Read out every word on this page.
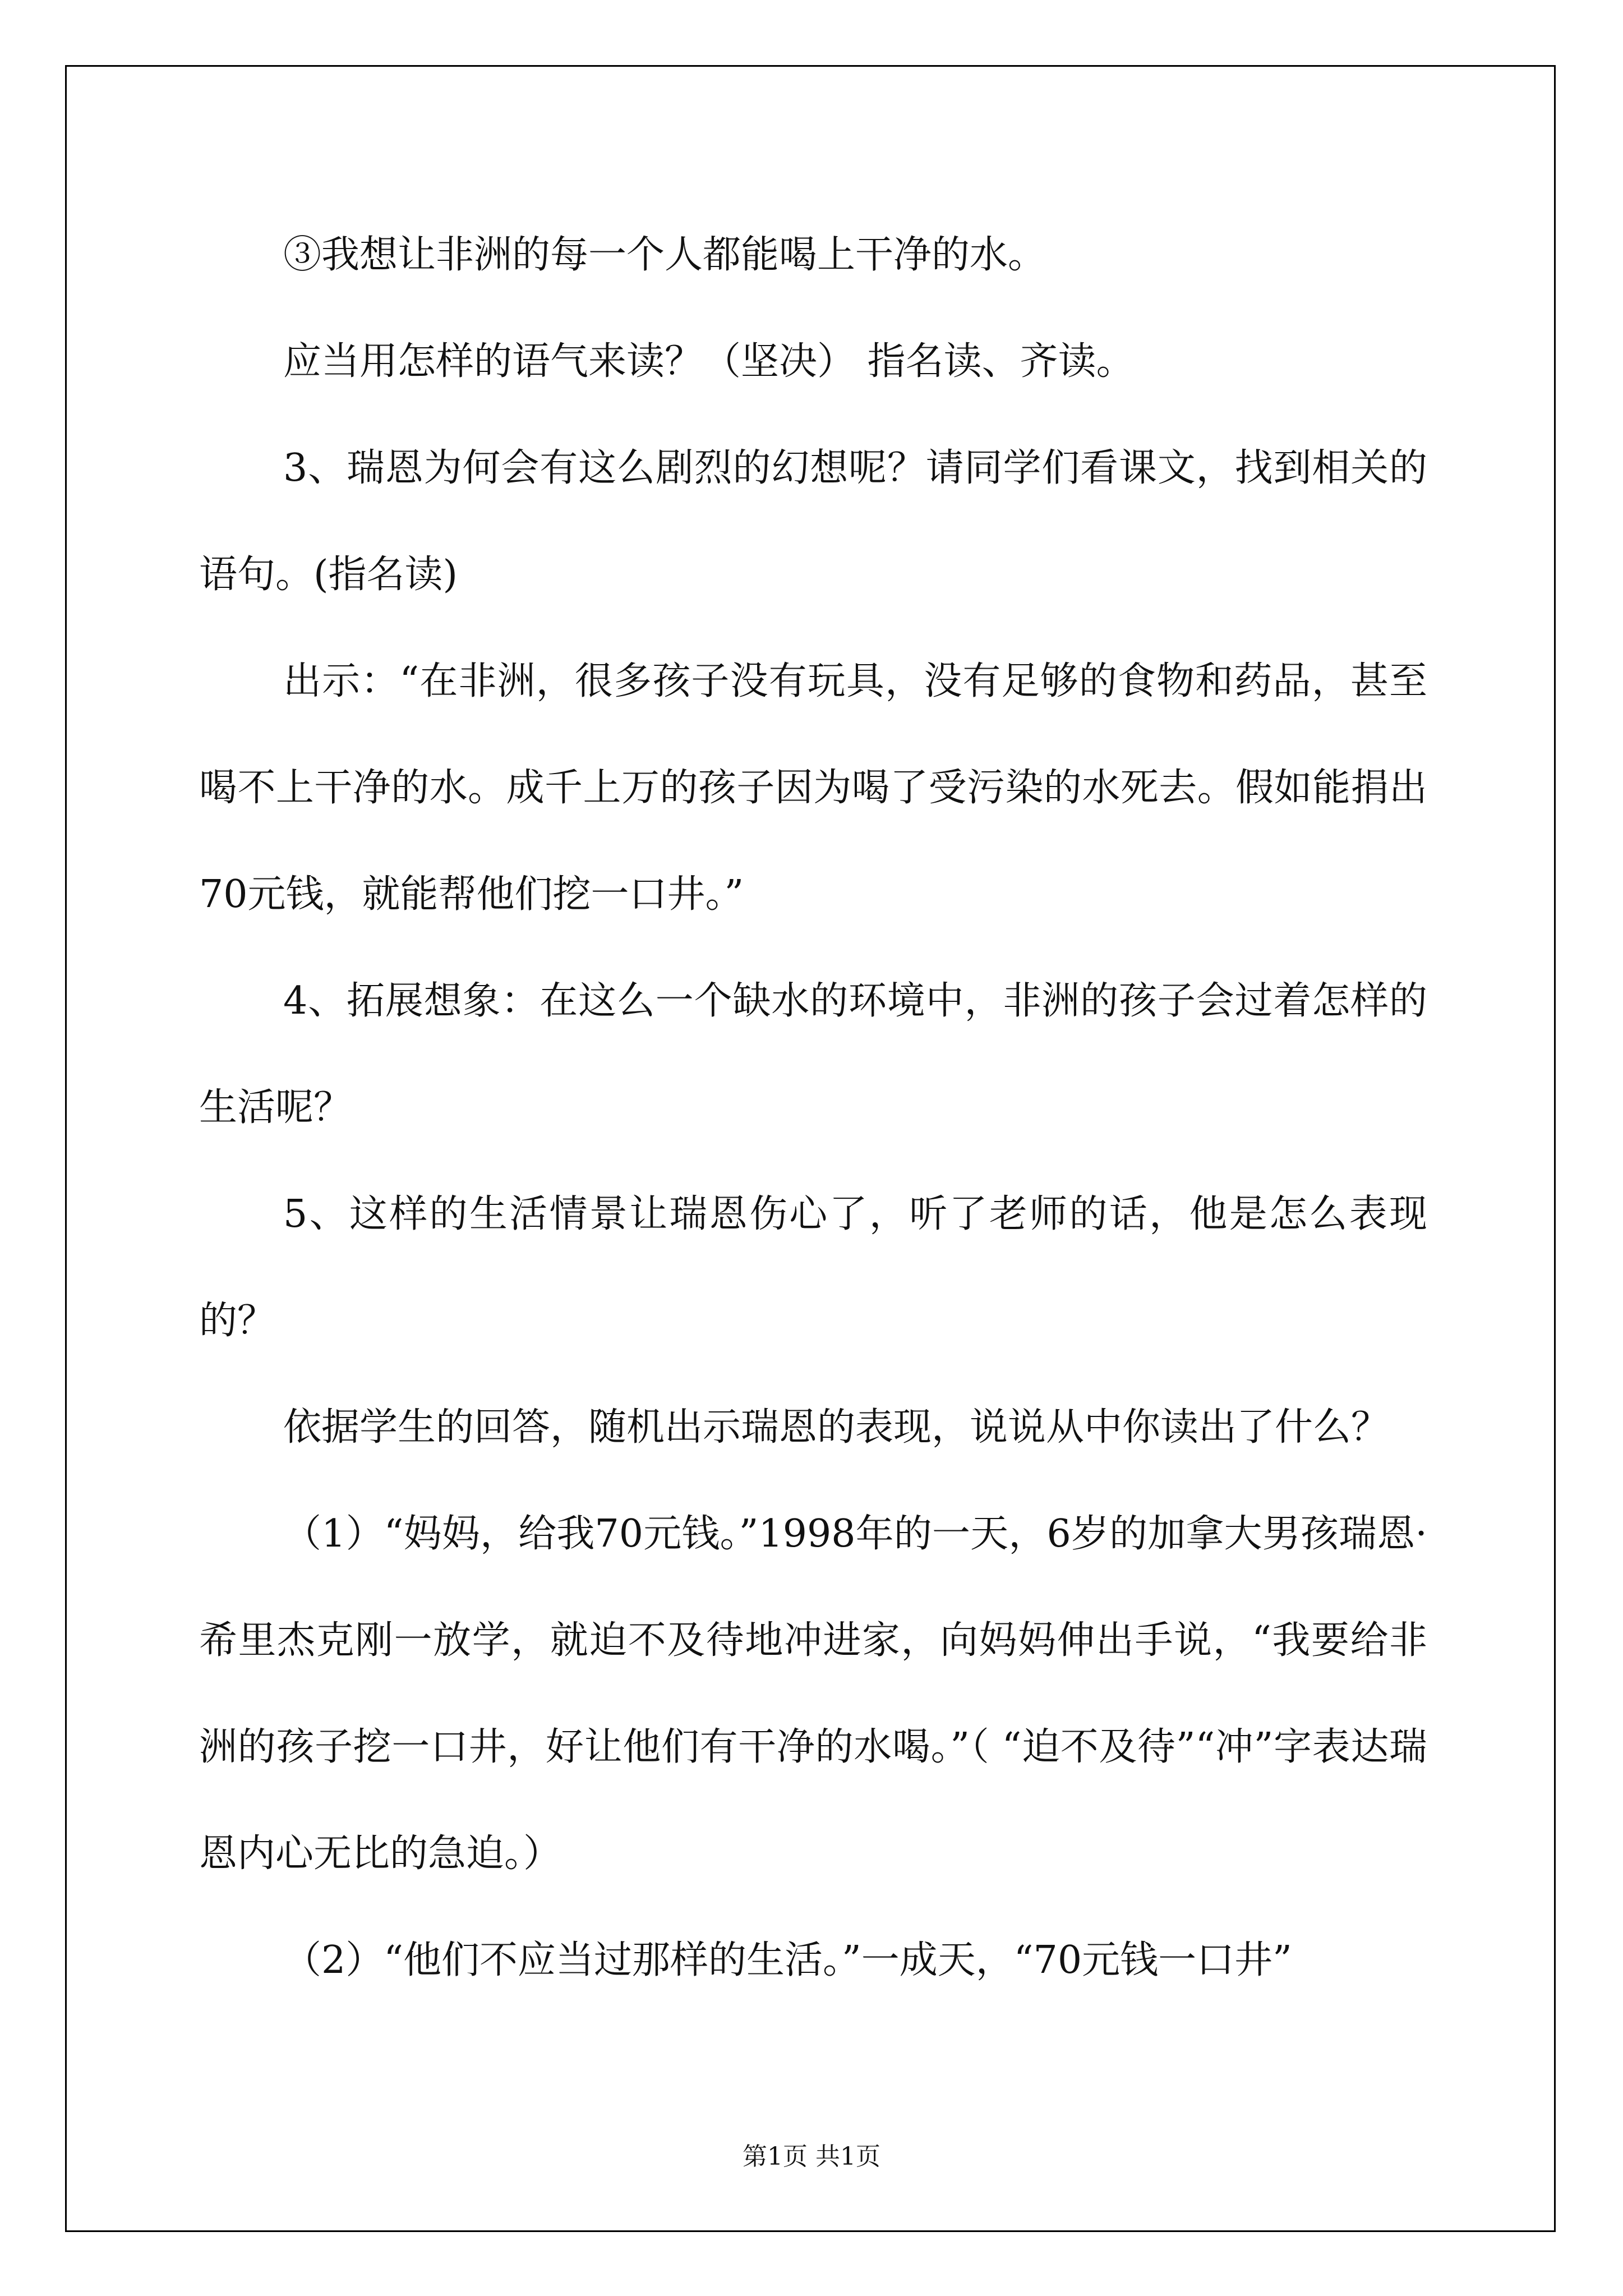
③我想让非洲的每一个人都能喝上干净的水。

应当用怎样的语气来读？（坚决） 指名读、齐读。

3、瑞恩为何会有这么剧烈的幻想呢？请同学们看课文，找到相关的语句。(指名读)

出示：“在非洲，很多孩子没有玩具，没有足够的食物和药品，甚至喝不上干净的水。成千上万的孩子因为喝了受污染的水死去。假如能捐出70元钱，就能帮他们挖一口井。”

4、拓展想象：在这么一个缺水的环境中，非洲的孩子会过着怎样的生活呢？

5、这样的生活情景让瑞恩伤心了，听了老师的话，他是怎么表现的？

依据学生的回答，随机出示瑞恩的表现，说说从中你读出了什么？

（1）“妈妈，给我70元钱。”1998年的一天，6岁的加拿大男孩瑞恩·希里杰克刚一放学，就迫不及待地冲进家，向妈妈伸出手说，“我要给非洲的孩子挖一口井，好让他们有干净的水喝。”（ “迫不及待”“冲”字表达瑞恩内心无比的急迫。）

（2）“他们不应当过那样的生活。”一成天，“70元钱一口井”

第1页 共1页
